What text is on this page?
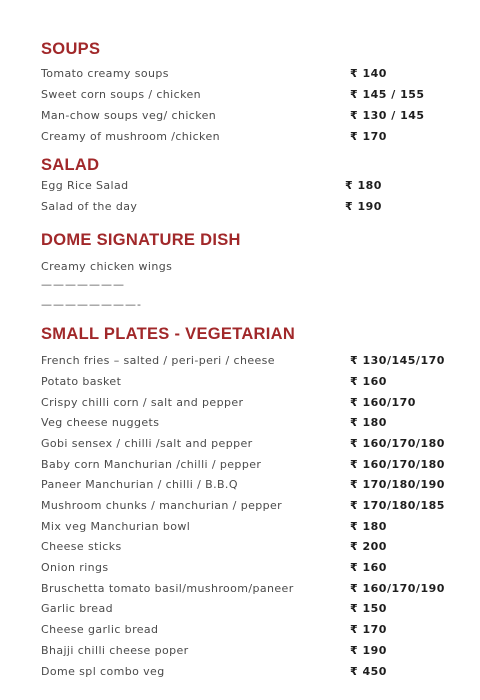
SOUPS
Tomato creamy soups	₹ 140
Sweet corn soups / chicken	₹ 145 / 155
Man-chow soups veg/ chicken	₹ 130 / 145
Creamy of mushroom /chicken	₹ 170
SALAD
Egg Rice Salad	₹ 180
Salad of the day	₹ 190
DOME SIGNATURE DISH
Creamy chicken wings
———————
————————-
SMALL PLATES - VEGETARIAN
French fries – salted / peri-peri / cheese	₹ 130/145/170
Potato basket	₹ 160
Crispy chilli corn / salt and pepper	₹ 160/170
Veg cheese nuggets	₹ 180
Gobi sensex / chilli /salt and pepper	₹ 160/170/180
Baby corn Manchurian /chilli / pepper	₹ 160/170/180
Paneer Manchurian / chilli / B.B.Q	₹ 170/180/190
Mushroom chunks / manchurian / pepper	₹ 170/180/185
Mix veg Manchurian bowl	₹ 180
Cheese sticks	₹ 200
Onion rings	₹ 160
Bruschetta tomato basil/mushroom/paneer	₹ 160/170/190
Garlic bread	₹ 150
Cheese garlic bread	₹ 170
Bhajji chilli cheese poper	₹ 190
Dome spl combo veg	₹ 450
